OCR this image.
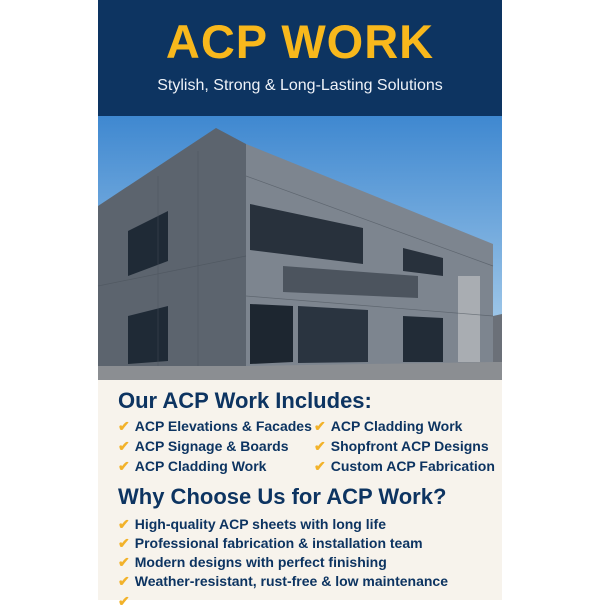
ACP WORK
Stylish, Strong & Long-Lasting Solutions
Our ACP Work Includes:
✔ ACP Elevations & Facades ✔ ACP Cladding Work
✔ ACP Signage & Boards ✔ Shopfront ACP Designs
✔ ACP Cladding Work	✔ Custom ACP Fabrication
Why Choose Us for ACP Work?
✔ High-quality ACP sheets with long life
✔ Professional fabrication & installation team
✔ Modern designs with perfect finishing
✔ Weather-resistant, rust-free & low maintenance
✔
